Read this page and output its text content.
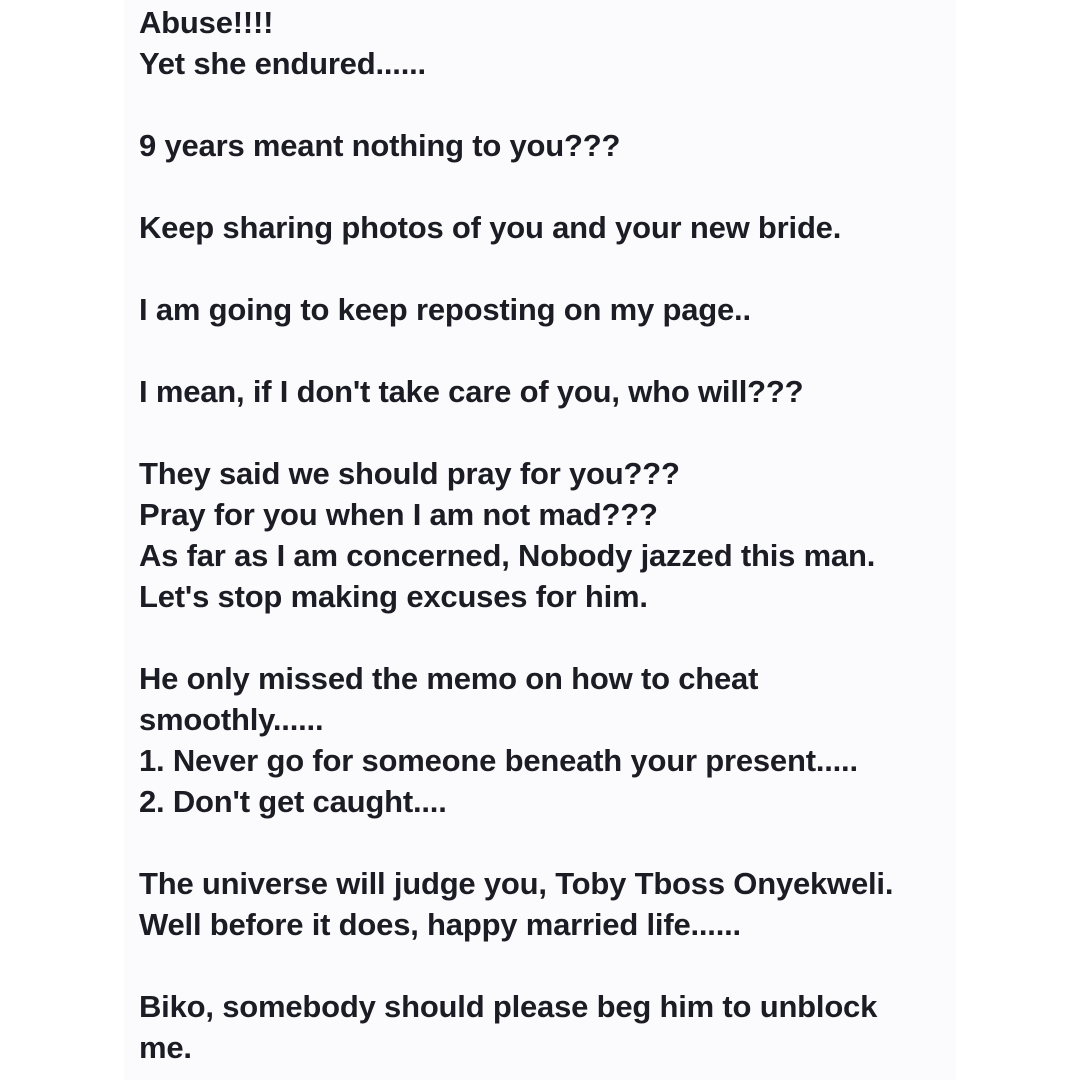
Abuse!!!!
Yet she endured......
9 years meant nothing to you???
Keep sharing photos of you and your new bride.
I am going to keep reposting on my page..
I mean, if I don't take care of you, who will???
They said we should pray for you???
Pray for you when I am not mad???
As far as I am concerned, Nobody jazzed this man.
Let's stop making excuses for him.
He only missed the memo on how to cheat
smoothly......
1. Never go for someone beneath your present.....
2. Don't get caught....
The universe will judge you, Toby Tboss Onyekweli.
Well before it does, happy married life......
Biko, somebody should please beg him to unblock
me.
